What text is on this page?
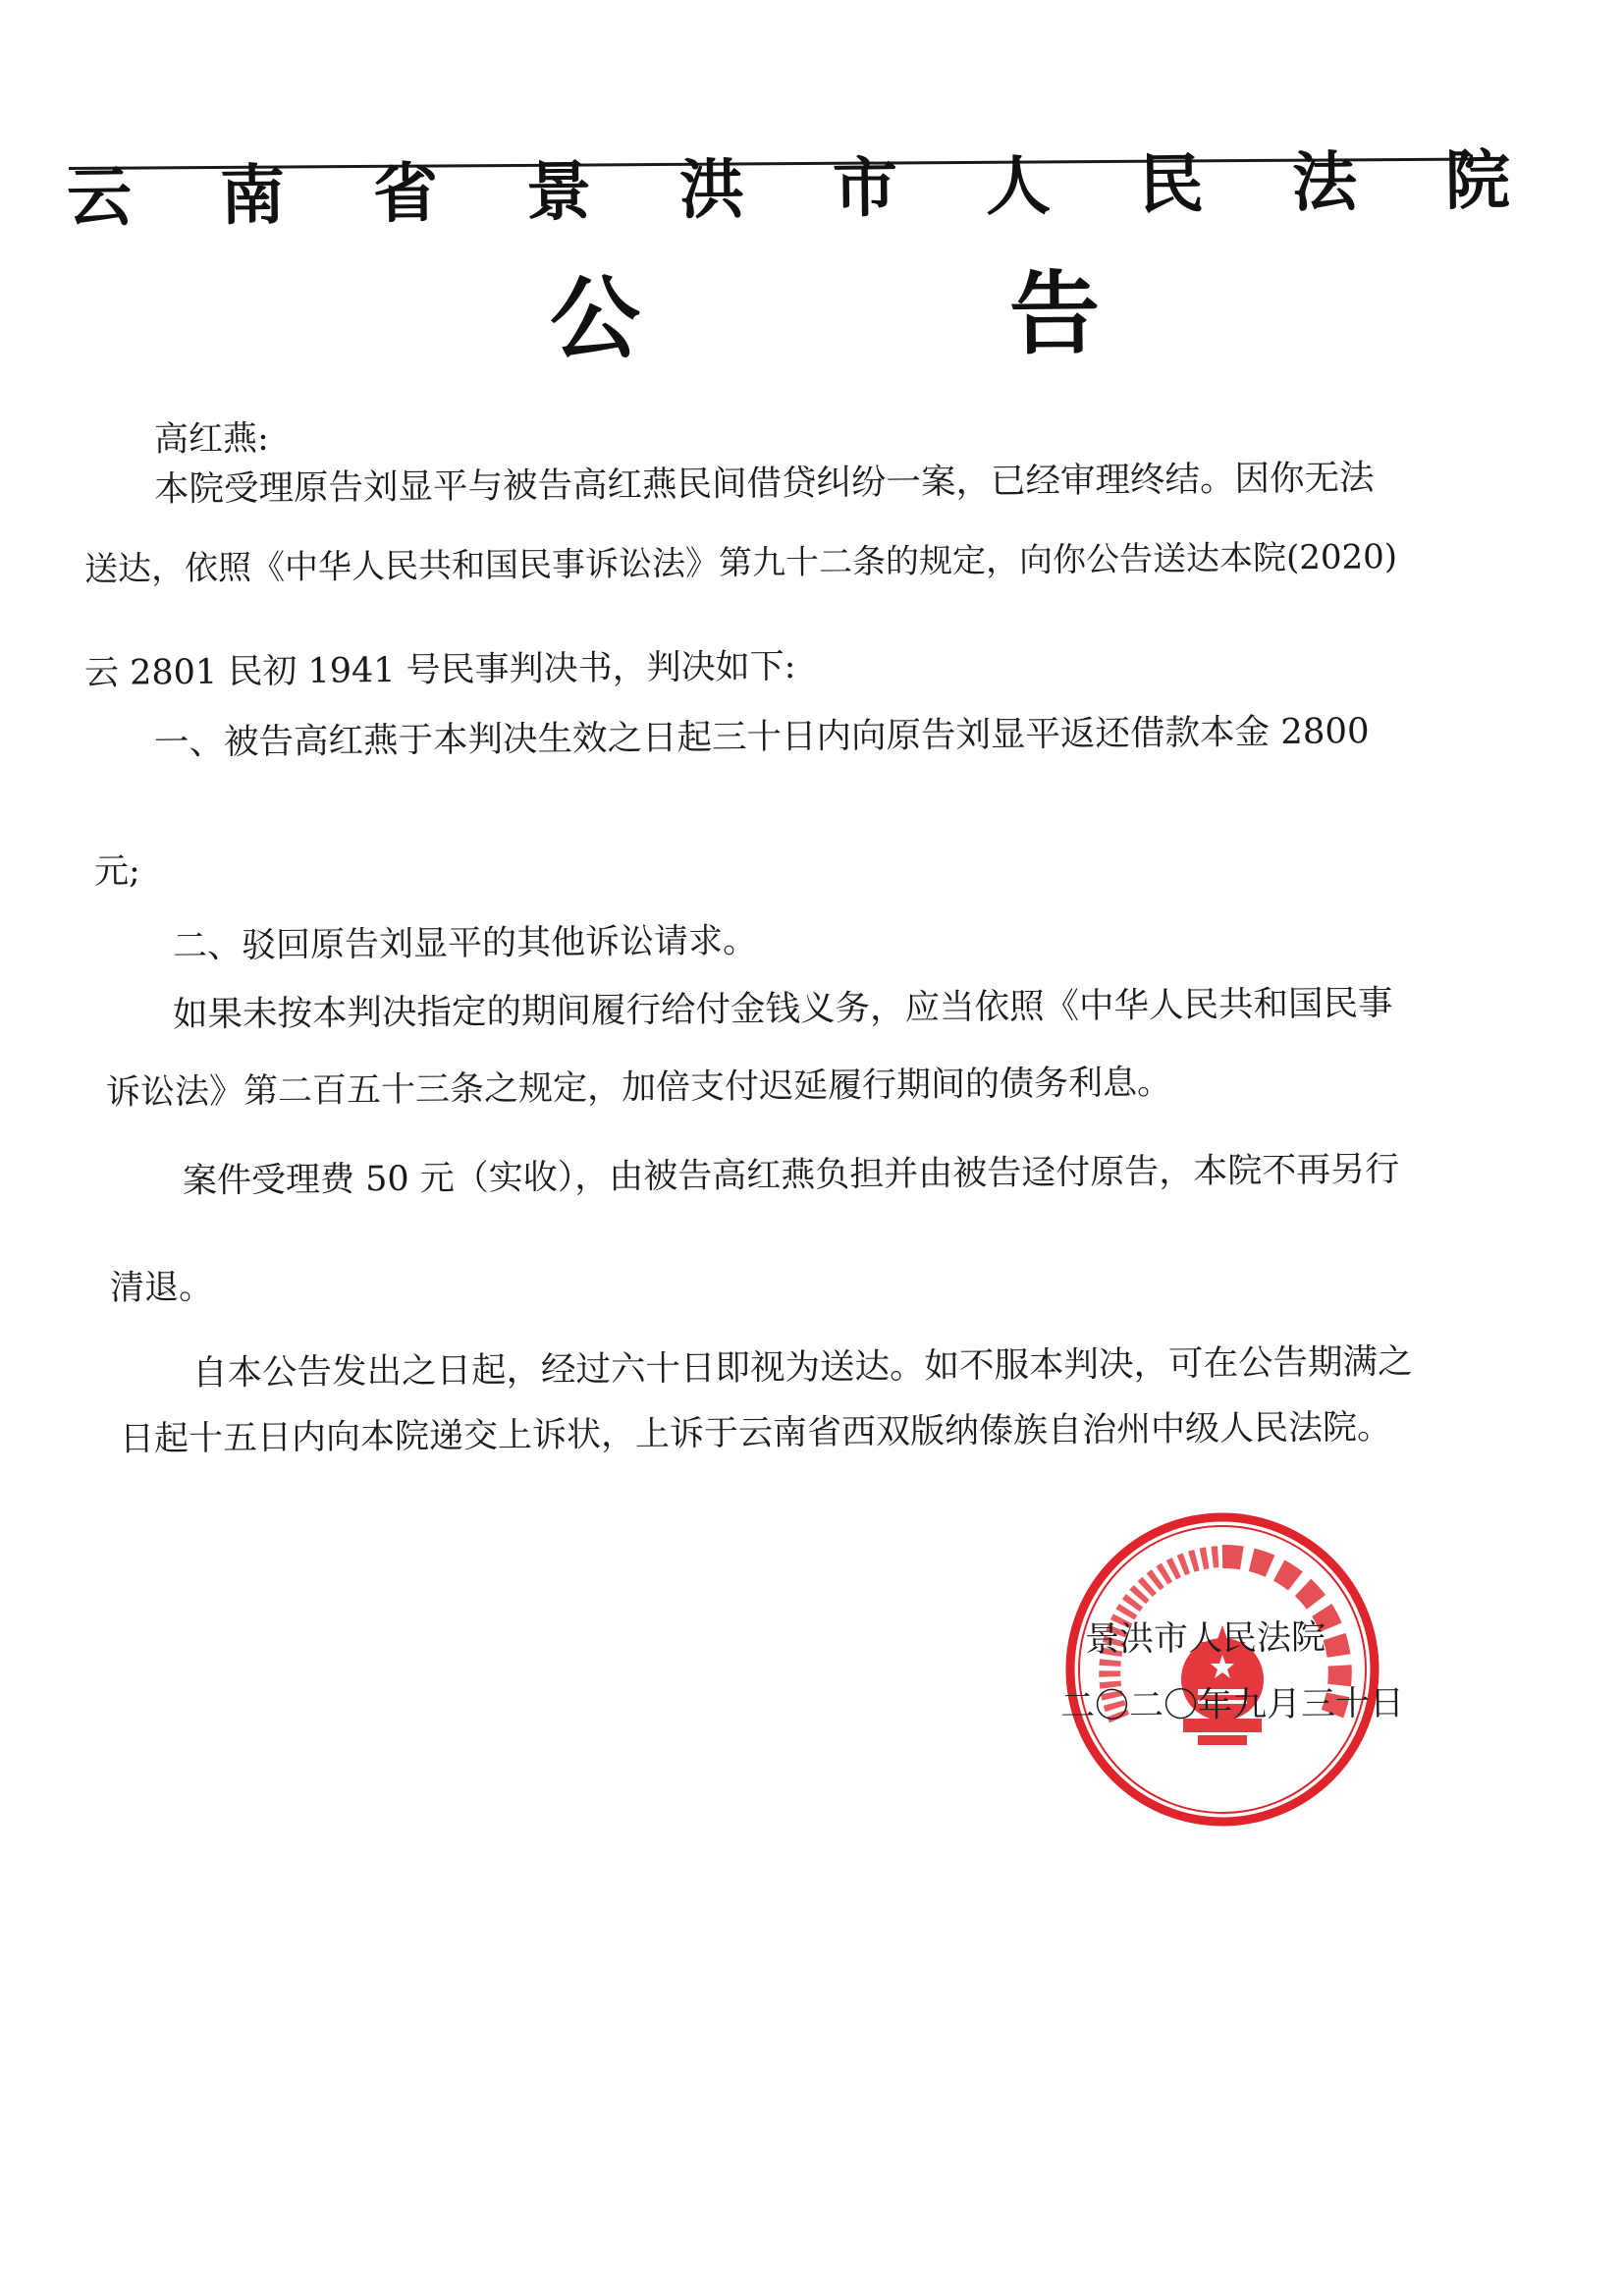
云 南 省 景 洪 市 人 民 法 院
公	告
高红燕:
本院受理原告刘显平与被告高红燕民间借贷纠纷一案，已经审理终结。因你无法
送达，依照《中华人民共和国民事诉讼法》第九十二条的规定，向你公告送达本院(2020)
云 2801 民初 1941 号民事判决书，判决如下:
一、被告高红燕于本判决生效之日起三十日内向原告刘显平返还借款本金 2800
元;
二、驳回原告刘显平的其他诉讼请求。
如果未按本判决指定的期间履行给付金钱义务，应当依照《中华人民共和国民事
诉讼法》第二百五十三条之规定，加倍支付迟延履行期间的债务利息。
案件受理费 50 元（实收），由被告高红燕负担并由被告迳付原告，本院不再另行
清退。
自本公告发出之日起，经过六十日即视为送达。如不服本判决，可在公告期满之
日起十五日内向本院递交上诉状，上诉于云南省西双版纳傣族自治州中级人民法院。
景洪市人民法院
二〇二〇年九月三十日
